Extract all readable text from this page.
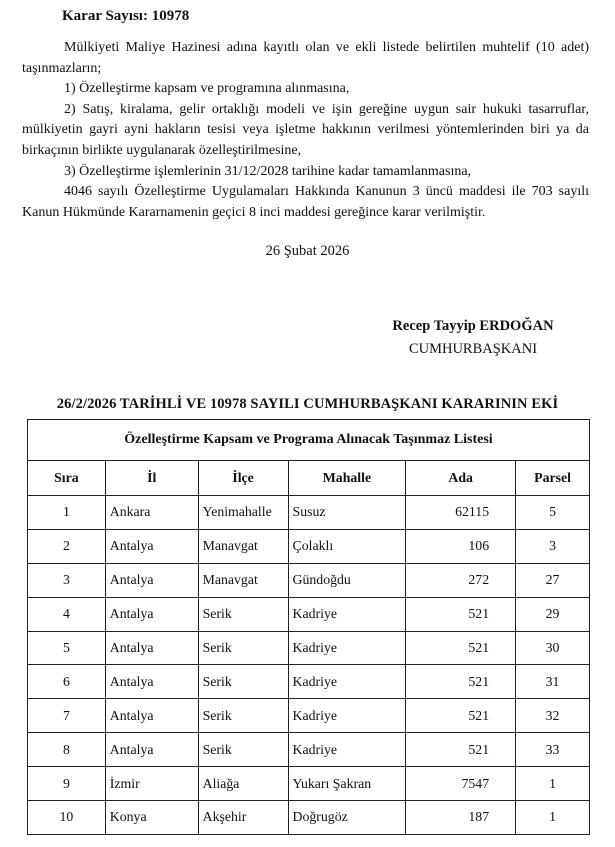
Karar Sayısı: 10978

Mülkiyeti Maliye Hazinesi adına kayıtlı olan ve ekli listede belirtilen muhtelif (10 adet) taşınmazların;

1) Özelleştirme kapsam ve programına alınmasına,

2) Satış, kiralama, gelir ortaklığı modeli ve işin gereğine uygun sair hukuki tasarruflar, mülkiyetin gayri ayni hakların tesisi veya işletme hakkının verilmesi yöntemlerinden biri ya da birkaçının birlikte uygulanarak özelleştirilmesine,

3) Özelleştirme işlemlerinin 31/12/2028 tarihine kadar tamamlanmasına,

4046 sayılı Özelleştirme Uygulamaları Hakkında Kanunun 3 üncü maddesi ile 703 sayılı Kanun Hükmünde Kararnamenin geçici 8 inci maddesi gereğince karar verilmiştir.

26 Şubat 2026
Recep Tayyip ERDOĞAN
CUMHURBAŞKANI
26/2/2026 TARİHLİ VE 10978 SAYILI CUMHURBAŞKANI KARARININ EKİ
Özelleştirme Kapsam ve Programa Alınacak Taşınmaz Listesi					
Sıra	İl	İlçe	Mahalle	Ada	Parsel
1	Ankara	Yenimahalle	Susuz	62115	5
2	Antalya	Manavgat	Çolaklı	106	3
3	Antalya	Manavgat	Gündoğdu	272	27
4	Antalya	Serik	Kadriye	521	29
5	Antalya	Serik	Kadriye	521	30
6	Antalya	Serik	Kadriye	521	31
7	Antalya	Serik	Kadriye	521	32
8	Antalya	Serik	Kadriye	521	33
9	İzmir	Aliağa	Yukarı Şakran	7547	1
10	Konya	Akşehir	Doğrugöz	187	1
